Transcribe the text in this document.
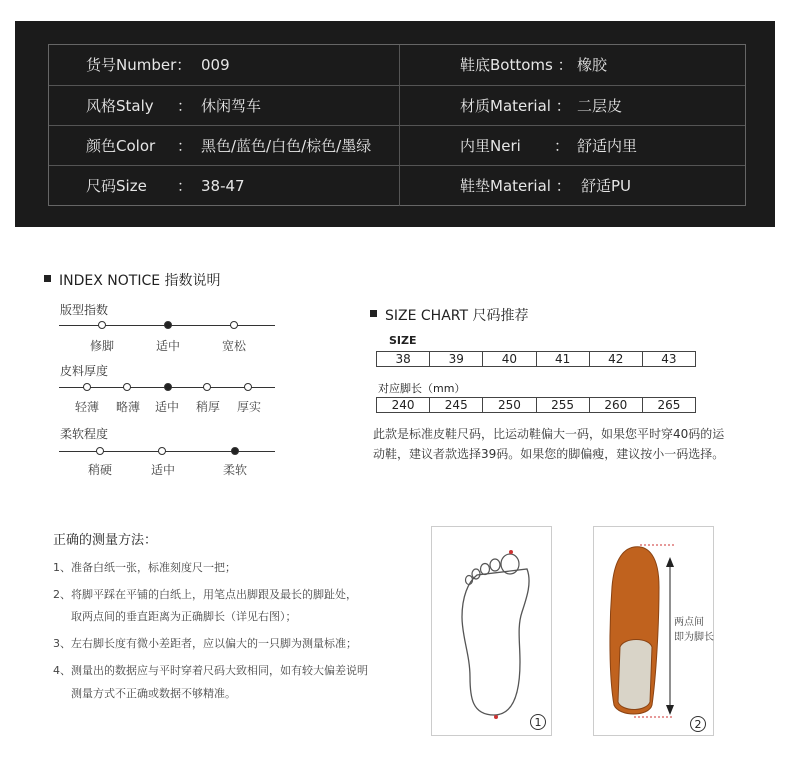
货号Number： 009	鞋底Bottoms ： 橡胶
风格Staly ： 休闲驾车	材质Material ： 二层皮
颜色Color ： 黑色/蓝色/白色/棕色/墨绿	内里Neri ： 舒适内里
尺码Size ： 38-47	鞋垫Material ： 舒适PU
INDEX NOTICE 指数说明
版型指数
修脚	适中	宽松
皮料厚度
轻薄 略薄 适中 稍厚 厚实
柔软程度
稍硬	适中	柔软
SIZE CHART 尺码推荐
SIZE
38	39	40	41	42	43
对应脚长（mm）
240	245	250	255	260	265
此款是标准皮鞋尺码，比运动鞋偏大一码，如果您平时穿40码的运动鞋，建议者款选择39码。如果您的脚偏瘦，建议按小一码选择。
正确的测量方法：
1、准备白纸一张，标准刻度尺一把；
2、将脚平踩在平铺的白纸上，用笔点出脚跟及最长的脚趾处，
取两点间的垂直距离为正确脚长（详见右图）；
3、左右脚长度有微小差距者，应以偏大的一只脚为测量标准；
4、测量出的数据应与平时穿着尺码大致相同，如有较大偏差说明
测量方式不正确或数据不够精准。
1
两点间
即为脚长
2
